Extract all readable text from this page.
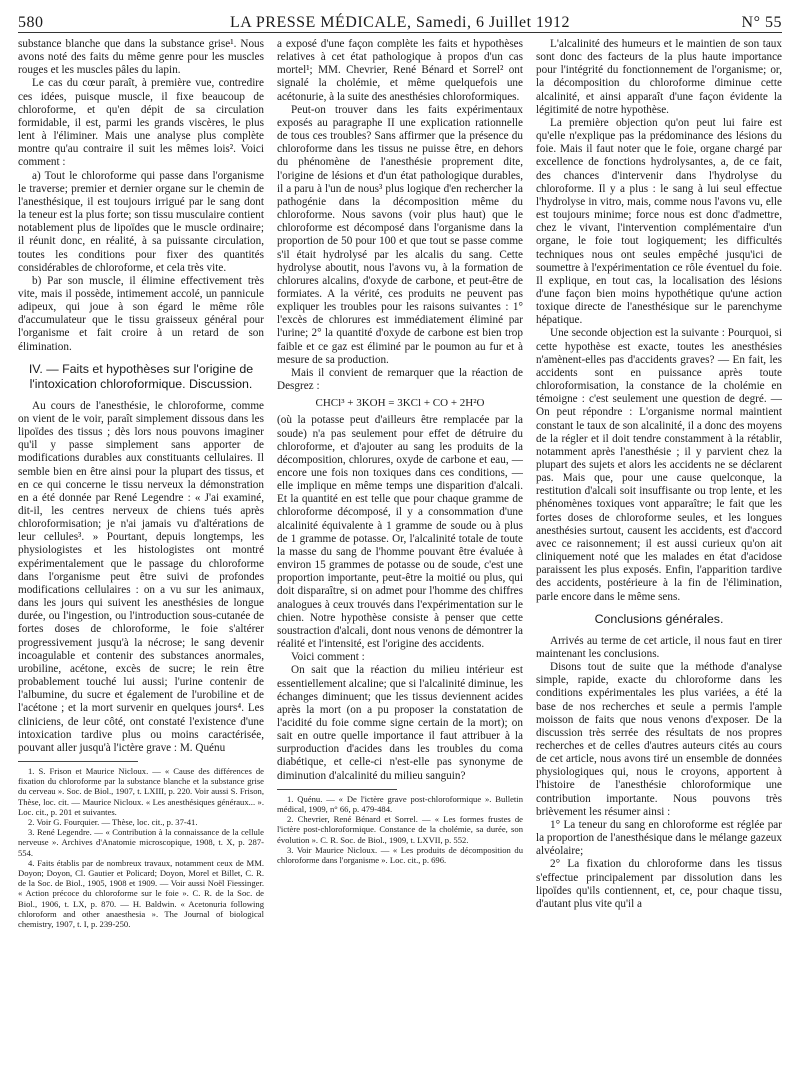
580	LA PRESSE MÉDICALE, Samedi, 6 Juillet 1912	N° 55

substance blanche que dans la substance grise¹. Nous avons noté des faits du même genre pour les muscles rouges et les muscles pâles du lapin.

Le cas du cœur paraît, à première vue, contredire ces idées, puisque muscle, il fixe beaucoup de chloroforme, et qu'en dépit de sa circulation formidable, il est, parmi les grands viscères, le plus lent à l'éliminer. Mais une analyse plus complète montre qu'au contraire il suit les mêmes lois². Voici comment :

a) Tout le chloroforme qui passe dans l'organisme le traverse; premier et dernier organe sur le chemin de l'anesthésique, il est toujours irrigué par le sang dont la teneur est la plus forte; son tissu musculaire contient notablement plus de lipoïdes que le muscle ordinaire; il réunit donc, en réalité, à sa puissante circulation, toutes les conditions pour fixer des quantités considérables de chloroforme, et cela très vite.

b) Par son muscle, il élimine effectivement très vite, mais il possède, intimement accolé, un pannicule adipeux, qui joue à son égard le même rôle d'accumulateur que le tissu graisseux général pour l'organisme et fait croire à un retard de son élimination.

IV. — Faits et hypothèses sur l'origine de l'intoxication chloroformique. Discussion.

Au cours de l'anesthésie, le chloroforme, comme on vient de le voir, paraît simplement dissous dans les lipoïdes des tissus ; dès lors nous pouvons imaginer qu'il y passe simplement sans apporter de modifications durables aux constituants cellulaires. Il semble bien en être ainsi pour la plupart des tissus, et en ce qui concerne le tissu nerveux la démonstration en a été donnée par René Legendre : « J'ai examiné, dit-il, les centres nerveux de chiens tués après chloroformisation; je n'ai jamais vu d'altérations de leur cellules³. » Pourtant, depuis longtemps, les physiologistes et les histologistes ont montré expérimentalement que le passage du chloroforme dans l'organisme peut être suivi de profondes modifications cellulaires : on a vu sur les animaux, dans les jours qui suivent les anesthésies de longue durée, ou l'ingestion, ou l'introduction sous-cutanée de fortes doses de chloroforme, le foie s'altérer progressivement jusqu'à la nécrose; le sang devenir incoagulable et contenir des substances anormales, urobiline, acétone, excès de sucre; le rein être probablement touché lui aussi; l'urine contenir de l'albumine, du sucre et également de l'urobiline et de l'acétone ; et la mort survenir en quelques jours⁴. Les cliniciens, de leur côté, ont constaté l'existence d'une intoxication tardive plus ou moins caractérisée, pouvant aller jusqu'à l'ictère grave : M. Quénu

1. S. Frison et Maurice Nicloux. — « Cause des différences de fixation du chloroforme par la substance blanche et la substance grise du cerveau ». Soc. de Biol., 1907, t. LXIII, p. 220. Voir aussi S. Frison, Thèse, loc. cit. — Maurice Nicloux. « Les anesthésiques généraux... ». Loc. cit., p. 201 et suivantes.

2. Voir G. Fourquier. — Thèse, loc. cit., p. 37-41.

3. René Legendre. — « Contribution à la connaissance de la cellule nerveuse ». Archives d'Anatomie microscopique, 1908, t. X, p. 287-554.

4. Faits établis par de nombreux travaux, notamment ceux de MM. Doyon; Doyon, Cl. Gautier et Policard; Doyon, Morel et Billet, C. R. de la Soc. de Biol., 1905, 1908 et 1909. — Voir aussi Noël Fiessinger. « Action précoce du chloroforme sur le foie ». C. R. de la Soc. de Biol., 1906, t. LX, p. 870. — H. Baldwin. « Acetonuria following chloroform and other anaesthesia ». The Journal of biological chemistry, 1907, t. I, p. 239-250.

a exposé d'une façon complète les faits et hypothèses relatives à cet état pathologique à propos d'un cas mortel¹; MM. Chevrier, René Bénard et Sorrel² ont signalé la cholémie, et même quelquefois une acétonurie, à la suite des anesthésies chloroformiques.

Peut-on trouver dans les faits expérimentaux exposés au paragraphe II une explication rationnelle de tous ces troubles? Sans affirmer que la présence du chloroforme dans les tissus ne puisse être, en dehors du phénomène de l'anesthésie proprement dite, l'origine de lésions et d'un état pathologique durables, il a paru à l'un de nous³ plus logique d'en rechercher la pathogénie dans la décomposition même du chloroforme. Nous savons (voir plus haut) que le chloroforme est décomposé dans l'organisme dans la proportion de 50 pour 100 et que tout se passe comme s'il était hydrolysé par les alcalis du sang. Cette hydrolyse aboutit, nous l'avons vu, à la formation de chlorures alcalins, d'oxyde de carbone, et peut-être de formiates. A la vérité, ces produits ne peuvent pas expliquer les troubles pour les raisons suivantes : 1° l'excès de chlorures est immédiatement éliminé par l'urine; 2° la quantité d'oxyde de carbone est bien trop faible et ce gaz est éliminé par le poumon au fur et à mesure de sa production.

Mais il convient de remarquer que la réaction de Desgrez :

CHCl³ + 3KOH = 3KCl + CO + 2H²O

(où la potasse peut d'ailleurs être remplacée par la soude) n'a pas seulement pour effet de détruire du chloroforme, et d'ajouter au sang les produits de la décomposition, chlorures, oxyde de carbone et eau, — encore une fois non toxiques dans ces conditions, — elle implique en même temps une disparition d'alcali. Et la quantité en est telle que pour chaque gramme de chloroforme décomposé, il y a consommation d'une alcalinité équivalente à 1 gramme de soude ou à plus de 1 gramme de potasse. Or, l'alcalinité totale de toute la masse du sang de l'homme pouvant être évaluée à environ 15 grammes de potasse ou de soude, c'est une proportion importante, peut-être la moitié ou plus, qui doit disparaître, si on admet pour l'homme des chiffres analogues à ceux trouvés dans l'expérimentation sur le chien. Notre hypothèse consiste à penser que cette soustraction d'alcali, dont nous venons de démontrer la réalité et l'intensité, est l'origine des accidents.

Voici comment :

On sait que la réaction du milieu intérieur est essentiellement alcaline; que si l'alcalinité diminue, les échanges diminuent; que les tissus deviennent acides après la mort (on a pu proposer la constatation de l'acidité du foie comme signe certain de la mort); on sait en outre quelle importance il faut attribuer à la surproduction d'acides dans les troubles du coma diabétique, et celle-ci n'est-elle pas synonyme de diminution d'alcalinité du milieu sanguin?

1. Quénu. — « De l'ictère grave post-chloroformique ». Bulletin médical, 1909, n° 66, p. 479-484.

2. Chevrier, René Bénard et Sorrel. — « Les formes frustes de l'ictère post-chloroformique. Constance de la cholémie, sa durée, son évolution ». C. R. Soc. de Biol., 1909, t. LXVII, p. 552.

3. Voir Maurice Nicloux. — « Les produits de décomposition du chloroforme dans l'organisme ». Loc. cit., p. 696.

L'alcalinité des humeurs et le maintien de son taux sont donc des facteurs de la plus haute importance pour l'intégrité du fonctionnement de l'organisme; or, la décomposition du chloroforme diminue cette alcalinité, et ainsi apparaît d'une façon évidente la légitimité de notre hypothèse.

La première objection qu'on peut lui faire est qu'elle n'explique pas la prédominance des lésions du foie. Mais il faut noter que le foie, organe chargé par excellence de fonctions hydrolysantes, a, de ce fait, des chances d'intervenir dans l'hydrolyse du chloroforme. Il y a plus : le sang à lui seul effectue l'hydrolyse in vitro, mais, comme nous l'avons vu, elle est toujours minime; force nous est donc d'admettre, chez le vivant, l'intervention complémentaire d'un organe, le foie tout logiquement; les difficultés techniques nous ont seules empêché jusqu'ici de soumettre à l'expérimentation ce rôle éventuel du foie. Il explique, en tout cas, la localisation des lésions d'une façon bien moins hypothétique qu'une action toxique directe de l'anesthésique sur le parenchyme hépatique.

Une seconde objection est la suivante : Pourquoi, si cette hypothèse est exacte, toutes les anesthésies n'amènent-elles pas d'accidents graves? — En fait, les accidents sont en puissance après toute chloroformisation, la constance de la cholémie en témoigne : c'est seulement une question de degré. — On peut répondre : L'organisme normal maintient constant le taux de son alcalinité, il a donc des moyens de la régler et il doit tendre constamment à la rétablir, notamment après l'anesthésie ; il y parvient chez la plupart des sujets et alors les accidents ne se déclarent pas. Mais que, pour une cause quelconque, la restitution d'alcali soit insuffisante ou trop lente, et les phénomènes toxiques vont apparaître; le fait que les fortes doses de chloroforme seules, et les longues anesthésies surtout, causent les accidents, est d'accord avec ce raisonnement; il est aussi curieux qu'on ait cliniquement noté que les malades en état d'acidose paraissent les plus exposés. Enfin, l'apparition tardive des accidents, postérieure à la fin de l'élimination, parle encore dans le même sens.

Conclusions générales.

Arrivés au terme de cet article, il nous faut en tirer maintenant les conclusions.

Disons tout de suite que la méthode d'analyse simple, rapide, exacte du chloroforme dans les conditions expérimentales les plus variées, a été la base de nos recherches et seule a permis l'ample moisson de faits que nous venons d'exposer. De la discussion très serrée des résultats de nos propres recherches et de celles d'autres auteurs cités au cours de cet article, nous avons tiré un ensemble de données physiologiques qui, nous le croyons, apportent à l'histoire de l'anesthésie chloroformique une contribution importante. Nous pouvons très brièvement les résumer ainsi :

1° La teneur du sang en chloroforme est réglée par la proportion de l'anesthésique dans le mélange gazeux alvéolaire;

2° La fixation du chloroforme dans les tissus s'effectue principalement par dissolution dans les lipoïdes qu'ils contiennent, et, ce, pour chaque tissu, d'autant plus vite qu'il a
